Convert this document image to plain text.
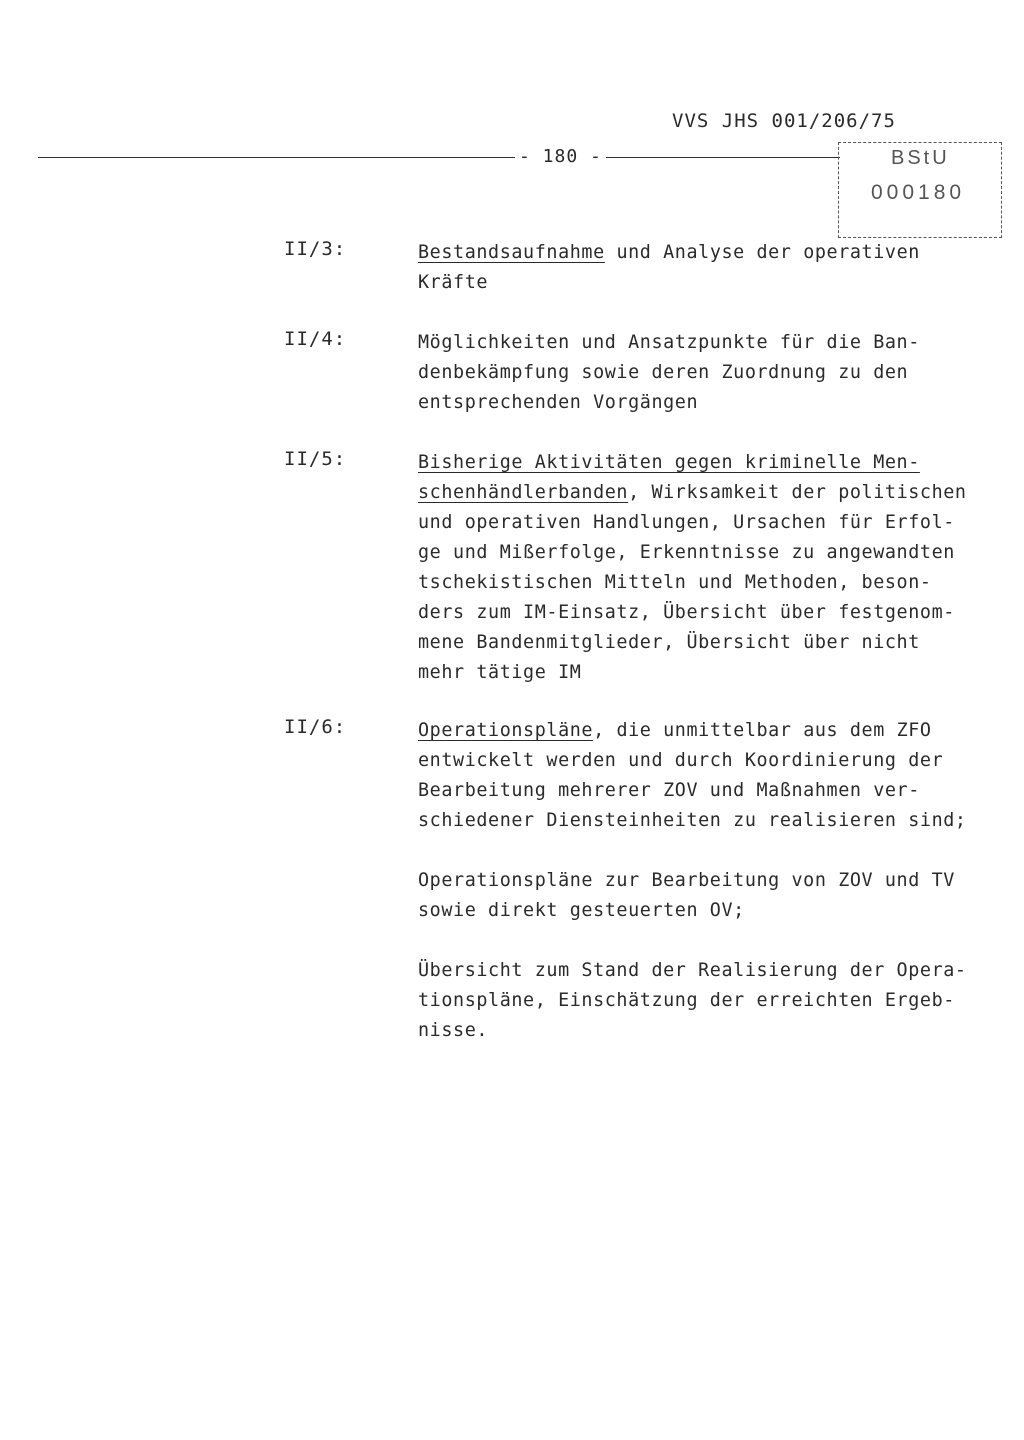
VVS JHS 001/206/75
- 180 -	BStU
000180
II/3:	Bestandsaufnahme und Analyse der operativen

Kräfte

II/4:	Möglichkeiten und Ansatzpunkte für die Ban-

denbekämpfung sowie deren Zuordnung zu den

entsprechenden Vorgängen

II/5:	Bisherige Aktivitäten gegen kriminelle Men-

schenhändlerbanden, Wirksamkeit der politischen

und operativen Handlungen, Ursachen für Erfol-

ge und Mißerfolge, Erkenntnisse zu angewandten

tschekistischen Mitteln und Methoden, beson-

ders zum IM-Einsatz, Übersicht über festgenom-

mene Bandenmitglieder, Übersicht über nicht

mehr tätige IM

II/6:	Operationspläne, die unmittelbar aus dem ZFO

entwickelt werden und durch Koordinierung der

Bearbeitung mehrerer ZOV und Maßnahmen ver-

schiedener Diensteinheiten zu realisieren sind;

Operationspläne zur Bearbeitung von ZOV und TV

sowie direkt gesteuerten OV;

Übersicht zum Stand der Realisierung der Opera-

tionspläne, Einschätzung der erreichten Ergeb-

nisse.
